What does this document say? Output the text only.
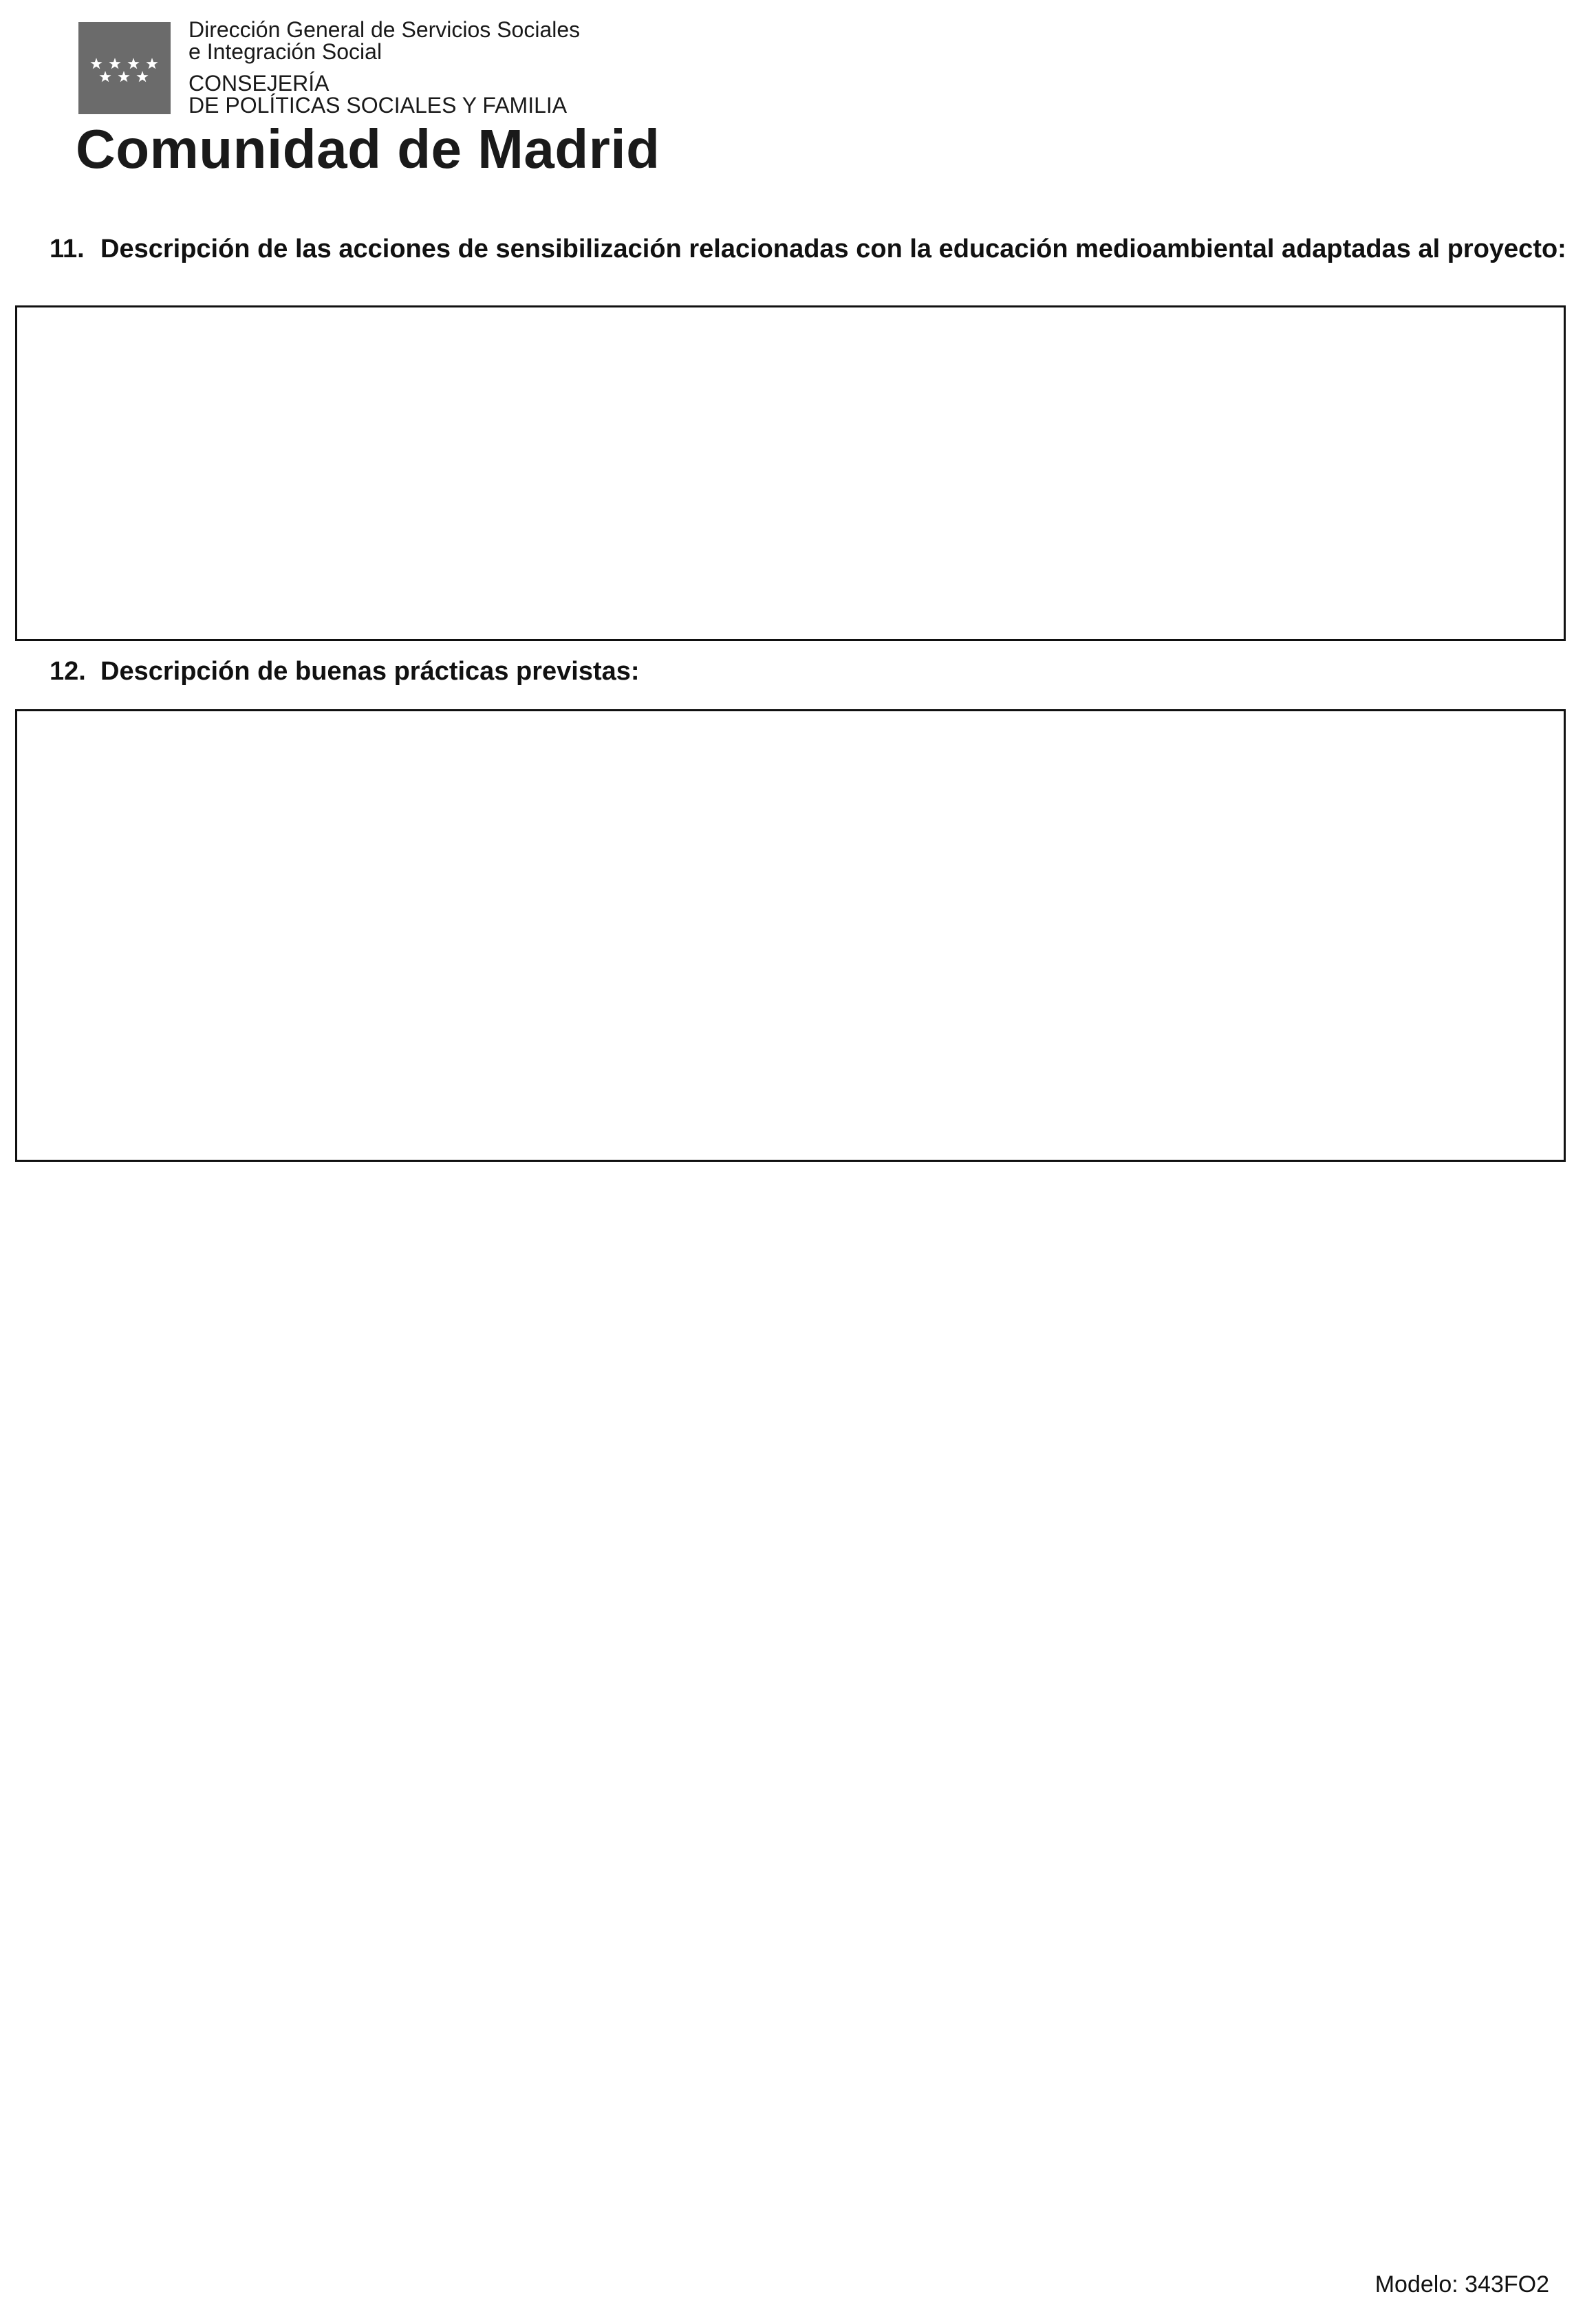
Dirección General de Servicios Sociales
e Integración Social
CONSEJERÍA
DE POLÍTICAS SOCIALES Y FAMILIA
Comunidad de Madrid
11. Descripción de las acciones de sensibilización relacionadas con la educación medioambiental adaptadas al proyecto:
12. Descripción de buenas prácticas previstas:
Modelo: 343FO2
